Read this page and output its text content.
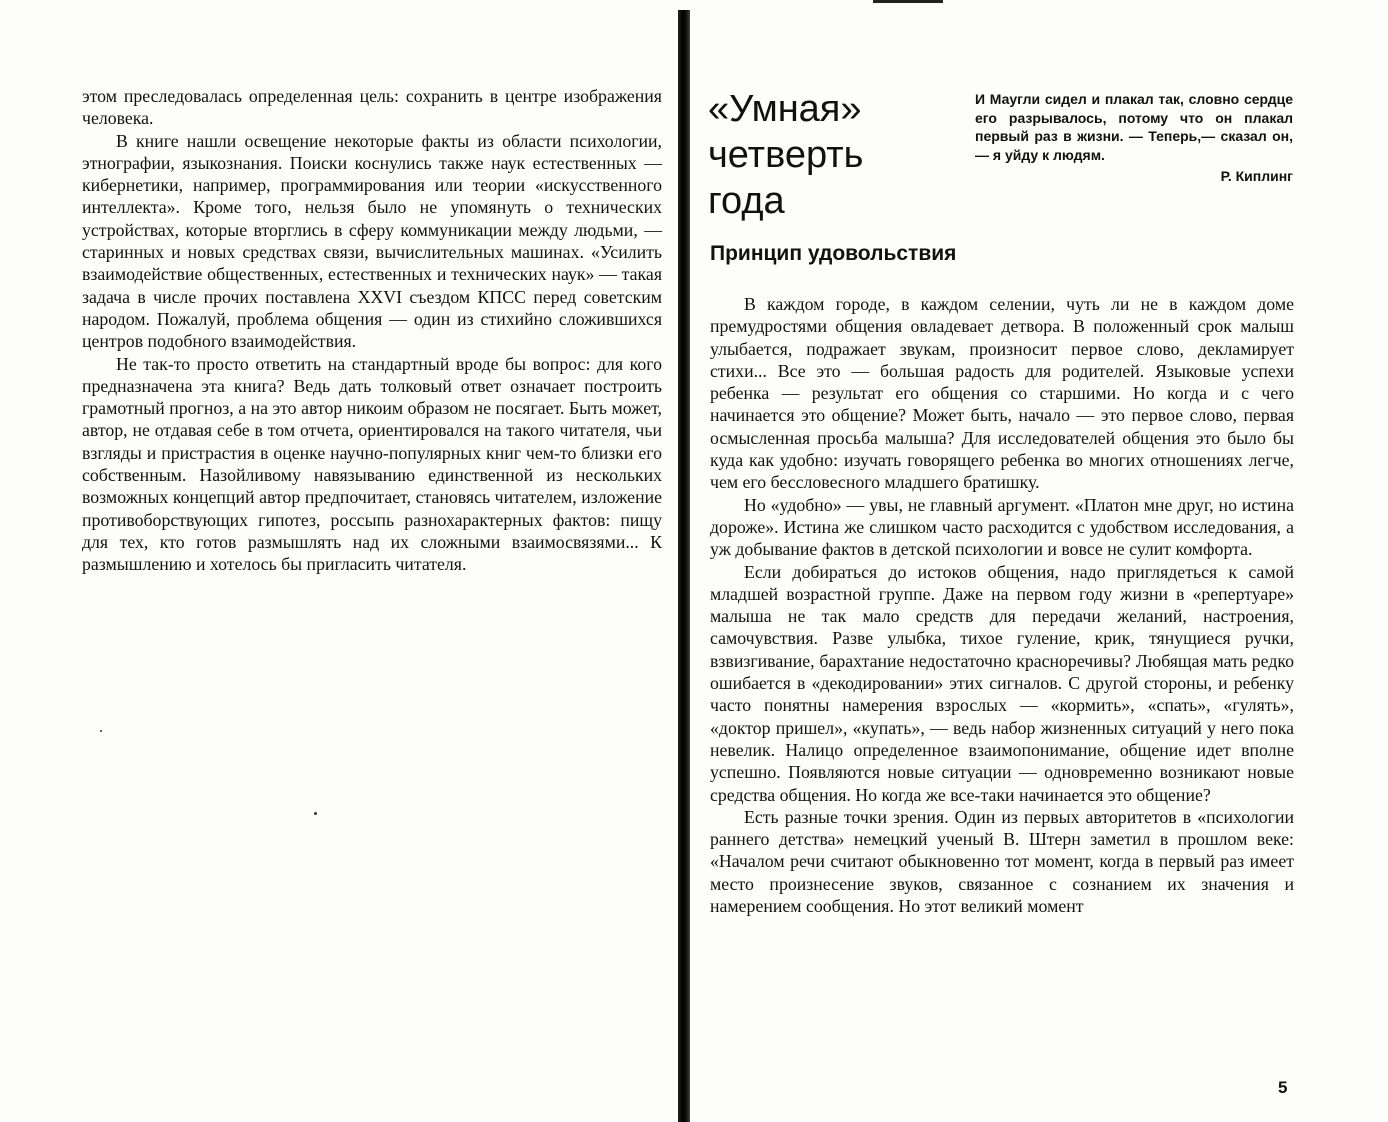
этом преследовалась определенная цель: сохранить в центре изображения человека.

В книге нашли освещение некоторые факты из области психологии, этнографии, языкознания. Поиски коснулись также наук естественных — кибернетики, например, программирования или теории «искусственного интеллекта». Кроме того, нельзя было не упомянуть о технических устройствах, которые вторглись в сферу коммуникации между людьми, — старинных и новых средствах связи, вычислительных машинах. «Усилить взаимодействие общественных, естественных и технических наук» — такая задача в числе прочих поставлена XXVI съездом КПСС перед советским народом. Пожалуй, проблема общения — один из стихийно сложившихся центров подобного взаимодействия.

Не так-то просто ответить на стандартный вроде бы вопрос: для кого предназначена эта книга? Ведь дать толковый ответ означает построить грамотный прогноз, а на это автор никоим образом не посягает. Быть может, автор, не отдавая себе в том отчета, ориентировался на такого читателя, чьи взгляды и пристрастия в оценке научно-популярных книг чем-то близки его собственным. Назойливому навязыванию единственной из нескольких возможных концепций автор предпочитает, становясь читателем, изложение противоборствующих гипотез, россыпь разнохарактерных фактов: пищу для тех, кто готов размышлять над их сложными взаимосвязями... К размышлению и хотелось бы пригласить читателя.

«Умная» четверть года

И Маугли сидел и плакал так, словно сердце его разрывалось, потому что он плакал первый раз в жизни. — Теперь,— сказал он,— я уйду к людям.

Р. Киплинг

Принцип удовольствия

В каждом городе, в каждом селении, чуть ли не в каждом доме премудростями общения овладевает детвора. В положенный срок малыш улыбается, подражает звукам, произносит первое слово, декламирует стихи... Все это — большая радость для родителей. Языковые успехи ребенка — результат его общения со старшими. Но когда и с чего начинается это общение? Может быть, начало — это первое слово, первая осмысленная просьба малыша? Для исследователей общения это было бы куда как удобно: изучать говорящего ребенка во многих отношениях легче, чем его бессловесного младшего братишку.

Но «удобно» — увы, не главный аргумент. «Платон мне друг, но истина дороже». Истина же слишком часто расходится с удобством исследования, а уж добывание фактов в детской психологии и вовсе не сулит комфорта.

Если добираться до истоков общения, надо приглядеться к самой младшей возрастной группе. Даже на первом году жизни в «репертуаре» малыша не так мало средств для передачи желаний, настроения, самочувствия. Разве улыбка, тихое гуление, крик, тянущиеся ручки, взвизгивание, барахтание недостаточно красноречивы? Любящая мать редко ошибается в «декодировании» этих сигналов. С другой стороны, и ребенку часто понятны намерения взрослых — «кормить», «спать», «гулять», «доктор пришел», «купать», — ведь набор жизненных ситуаций у него пока невелик. Налицо определенное взаимопонимание, общение идет вполне успешно. Появляются новые ситуации — одновременно возникают новые средства общения. Но когда же все-таки начинается это общение?

Есть разные точки зрения. Один из первых авторитетов в «психологии раннего детства» немецкий ученый В. Штерн заметил в прошлом веке: «Началом речи считают обыкновенно тот момент, когда в первый раз имеет место произнесение звуков, связанное с сознанием их значения и намерением сообщения. Но этот великий момент

5
